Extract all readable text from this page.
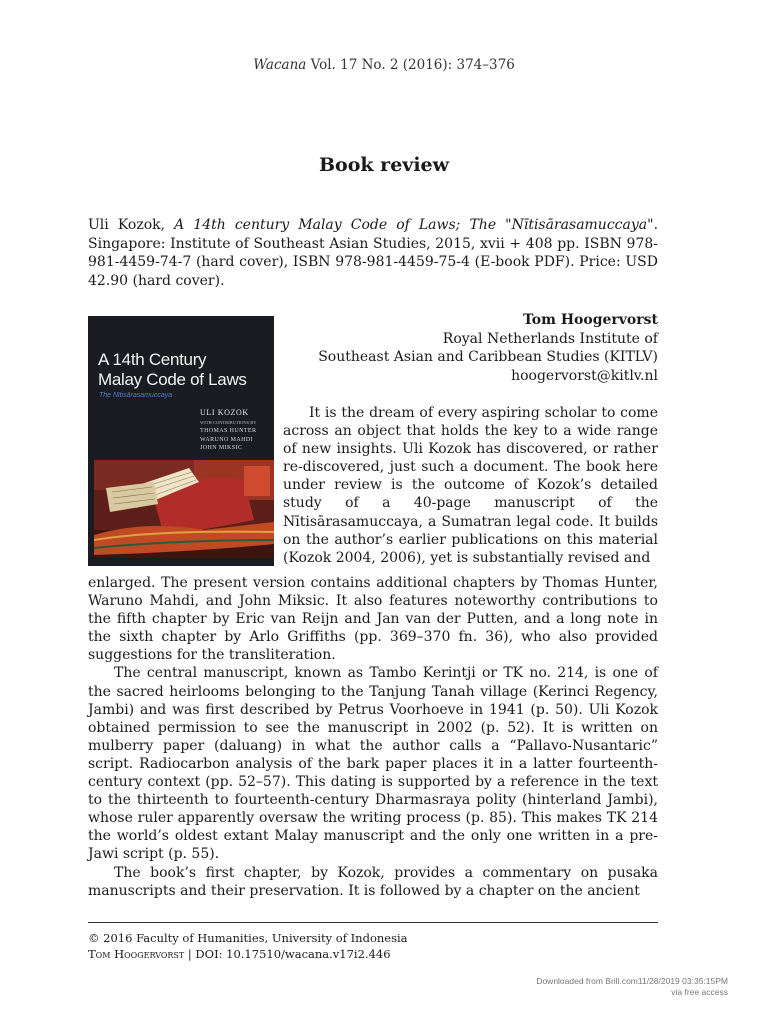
Wacana Vol. 17 No. 2 (2016): 374–376
Book review
Uli Kozok, A 14th century Malay Code of Laws; The "Nītisārasamuccaya". Singapore: Institute of Southeast Asian Studies, 2015, xvii + 408 pp. ISBN 978-981-4459-74-7 (hard cover), ISBN 978-981-4459-75-4 (E-book PDF). Price: USD 42.90 (hard cover).
Tom Hoogervorst
Royal Netherlands Institute of
Southeast Asian and Caribbean Studies (KITLV)
hoogervorst@kitlv.nl
A 14th Century
Malay Code of Laws
The Nītisārasamuccaya
ULI KOZOK
WITH CONTRIBUTIONS BY
THOMAS HUNTER
WARUNO MAHDI
JOHN MIKSIC

It is the dream of every aspiring scholar to come across an object that holds the key to a wide range of new insights. Uli Kozok has discovered, or rather re-discovered, just such a document. The book here under review is the outcome of Kozok’s detailed study of a 40-page manuscript of the Nītisārasamuccaya, a Sumatran legal code. It builds on the author’s earlier publications on this material (Kozok 2004, 2006), yet is substantially revised and

enlarged. The present version contains additional chapters by Thomas Hunter, Waruno Mahdi, and John Miksic. It also features noteworthy contributions to the fifth chapter by Eric van Reijn and Jan van der Putten, and a long note in the sixth chapter by Arlo Griffiths (pp. 369–370 fn. 36), who also provided suggestions for the transliteration.

The central manuscript, known as Tambo Kerintji or TK no. 214, is one of the sacred heirlooms belonging to the Tanjung Tanah village (Kerinci Regency, Jambi) and was first described by Petrus Voorhoeve in 1941 (p. 50). Uli Kozok obtained permission to see the manuscript in 2002 (p. 52). It is written on mulberry paper (daluang) in what the author calls a “Pallavo-Nusantaric” script. Radiocarbon analysis of the bark paper places it in a latter fourteenth-century context (pp. 52–57). This dating is supported by a reference in the text to the thirteenth to fourteenth-century Dharmasraya polity (hinterland Jambi), whose ruler apparently oversaw the writing process (p. 85). This makes TK 214 the world’s oldest extant Malay manuscript and the only one written in a pre-Jawi script (p. 55).

The book’s first chapter, by Kozok, provides a commentary on pusaka manuscripts and their preservation. It is followed by a chapter on the ancient

© 2016 Faculty of Humanities, University of Indonesia
Tom Hoogervorst | DOI: 10.17510/wacana.v17i2.446
Downloaded from Brill.com11/28/2019 03:35:15PM
via free access
